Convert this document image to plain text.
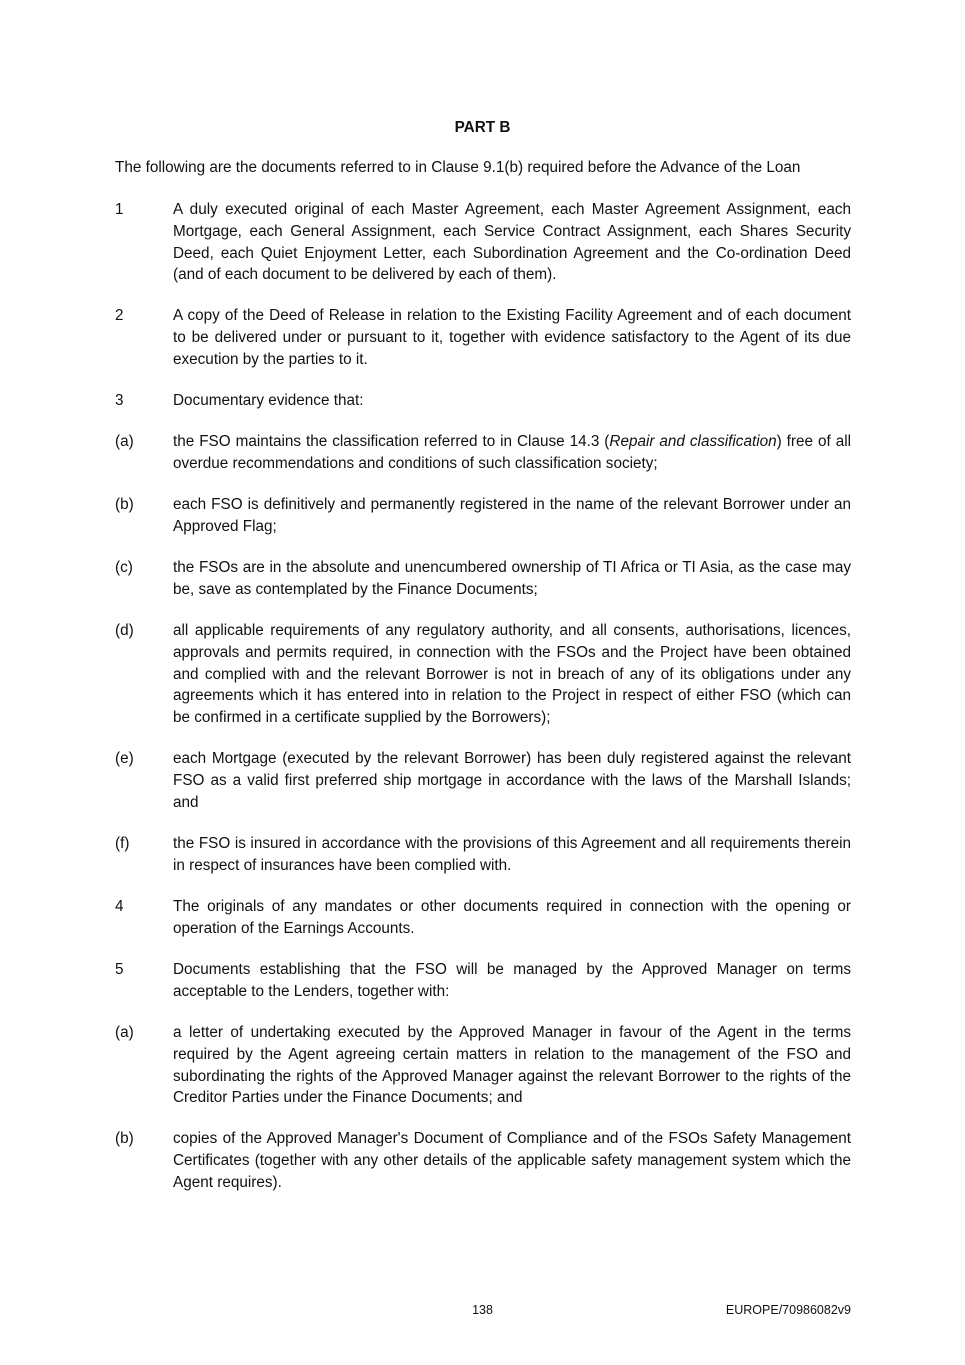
PART B
The following are the documents referred to in Clause 9.1(b) required before the Advance of the Loan
1	A duly executed original of each Master Agreement, each Master Agreement Assignment, each Mortgage, each General Assignment, each Service Contract Assignment, each Shares Security Deed, each Quiet Enjoyment Letter, each Subordination Agreement and the Co-ordination Deed (and of each document to be delivered by each of them).
2	A copy of the Deed of Release in relation to the Existing Facility Agreement and of each document to be delivered under or pursuant to it, together with evidence satisfactory to the Agent of its due execution by the parties to it.
3	Documentary evidence that:
(a)	the FSO maintains the classification referred to in Clause 14.3 (Repair and classification) free of all overdue recommendations and conditions of such classification society;
(b)	each FSO is definitively and permanently registered in the name of the relevant Borrower under an Approved Flag;
(c)	the FSOs are in the absolute and unencumbered ownership of TI Africa or TI Asia, as the case may be, save as contemplated by the Finance Documents;
(d)	all applicable requirements of any regulatory authority, and all consents, authorisations, licences, approvals and permits required, in connection with the FSOs and the Project have been obtained and complied with and the relevant Borrower is not in breach of any of its obligations under any agreements which it has entered into in relation to the Project in respect of either FSO (which can be confirmed in a certificate supplied by the Borrowers);
(e)	each Mortgage (executed by the relevant Borrower) has been duly registered against the relevant FSO as a valid first preferred ship mortgage in accordance with the laws of the Marshall Islands; and
(f)	the FSO is insured in accordance with the provisions of this Agreement and all requirements therein in respect of insurances have been complied with.
4	The originals of any mandates or other documents required in connection with the opening or operation of the Earnings Accounts.
5	Documents establishing that the FSO will be managed by the Approved Manager on terms acceptable to the Lenders, together with:
(a)	a letter of undertaking executed by the Approved Manager in favour of the Agent in the terms required by the Agent agreeing certain matters in relation to the management of the FSO and subordinating the rights of the Approved Manager against the relevant Borrower to the rights of the Creditor Parties under the Finance Documents; and
(b)	copies of the Approved Manager's Document of Compliance and of the FSOs Safety Management Certificates (together with any other details of the applicable safety management system which the Agent requires).
138	EUROPE/70986082v9
